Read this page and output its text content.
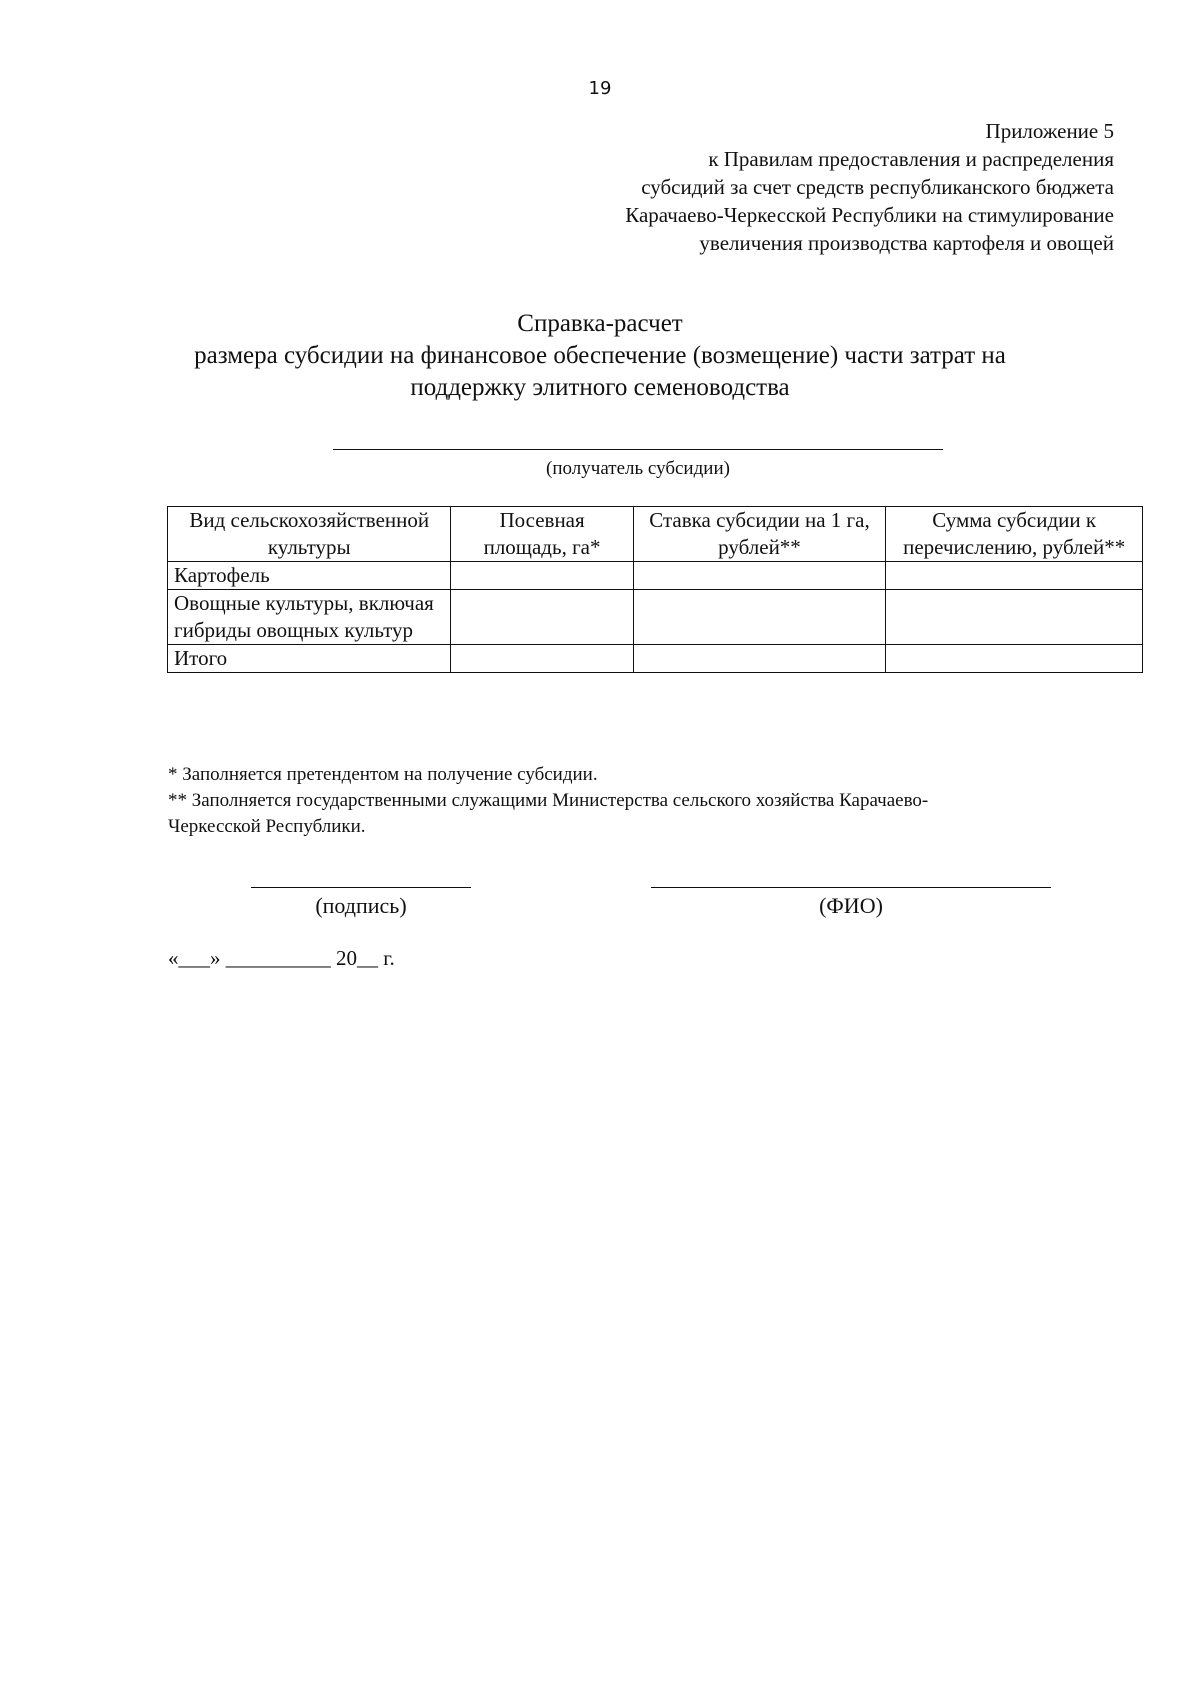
19
Приложение 5
к Правилам предоставления и распределения
субсидий за счет средств республиканского бюджета
Карачаево-Черкесской Республики на стимулирование
увеличения производства картофеля и овощей
Справка-расчет
размера субсидии на финансовое обеспечение (возмещение) части затрат на
поддержку элитного семеноводства
(получатель субсидии)
Вид сельскохозяйственной культуры	Посевная площадь, га*	Ставка субсидии на 1 га, рублей**	Сумма субсидии к перечислению, рублей**
Картофель			
Овощные культуры, включая гибриды овощных культур			
Итого			
* Заполняется претендентом на получение субсидии.
** Заполняется государственными служащими Министерства сельского хозяйства Карачаево-
Черкесской Республики.
(подпись)	(ФИО)
«___» __________ 20__ г.
